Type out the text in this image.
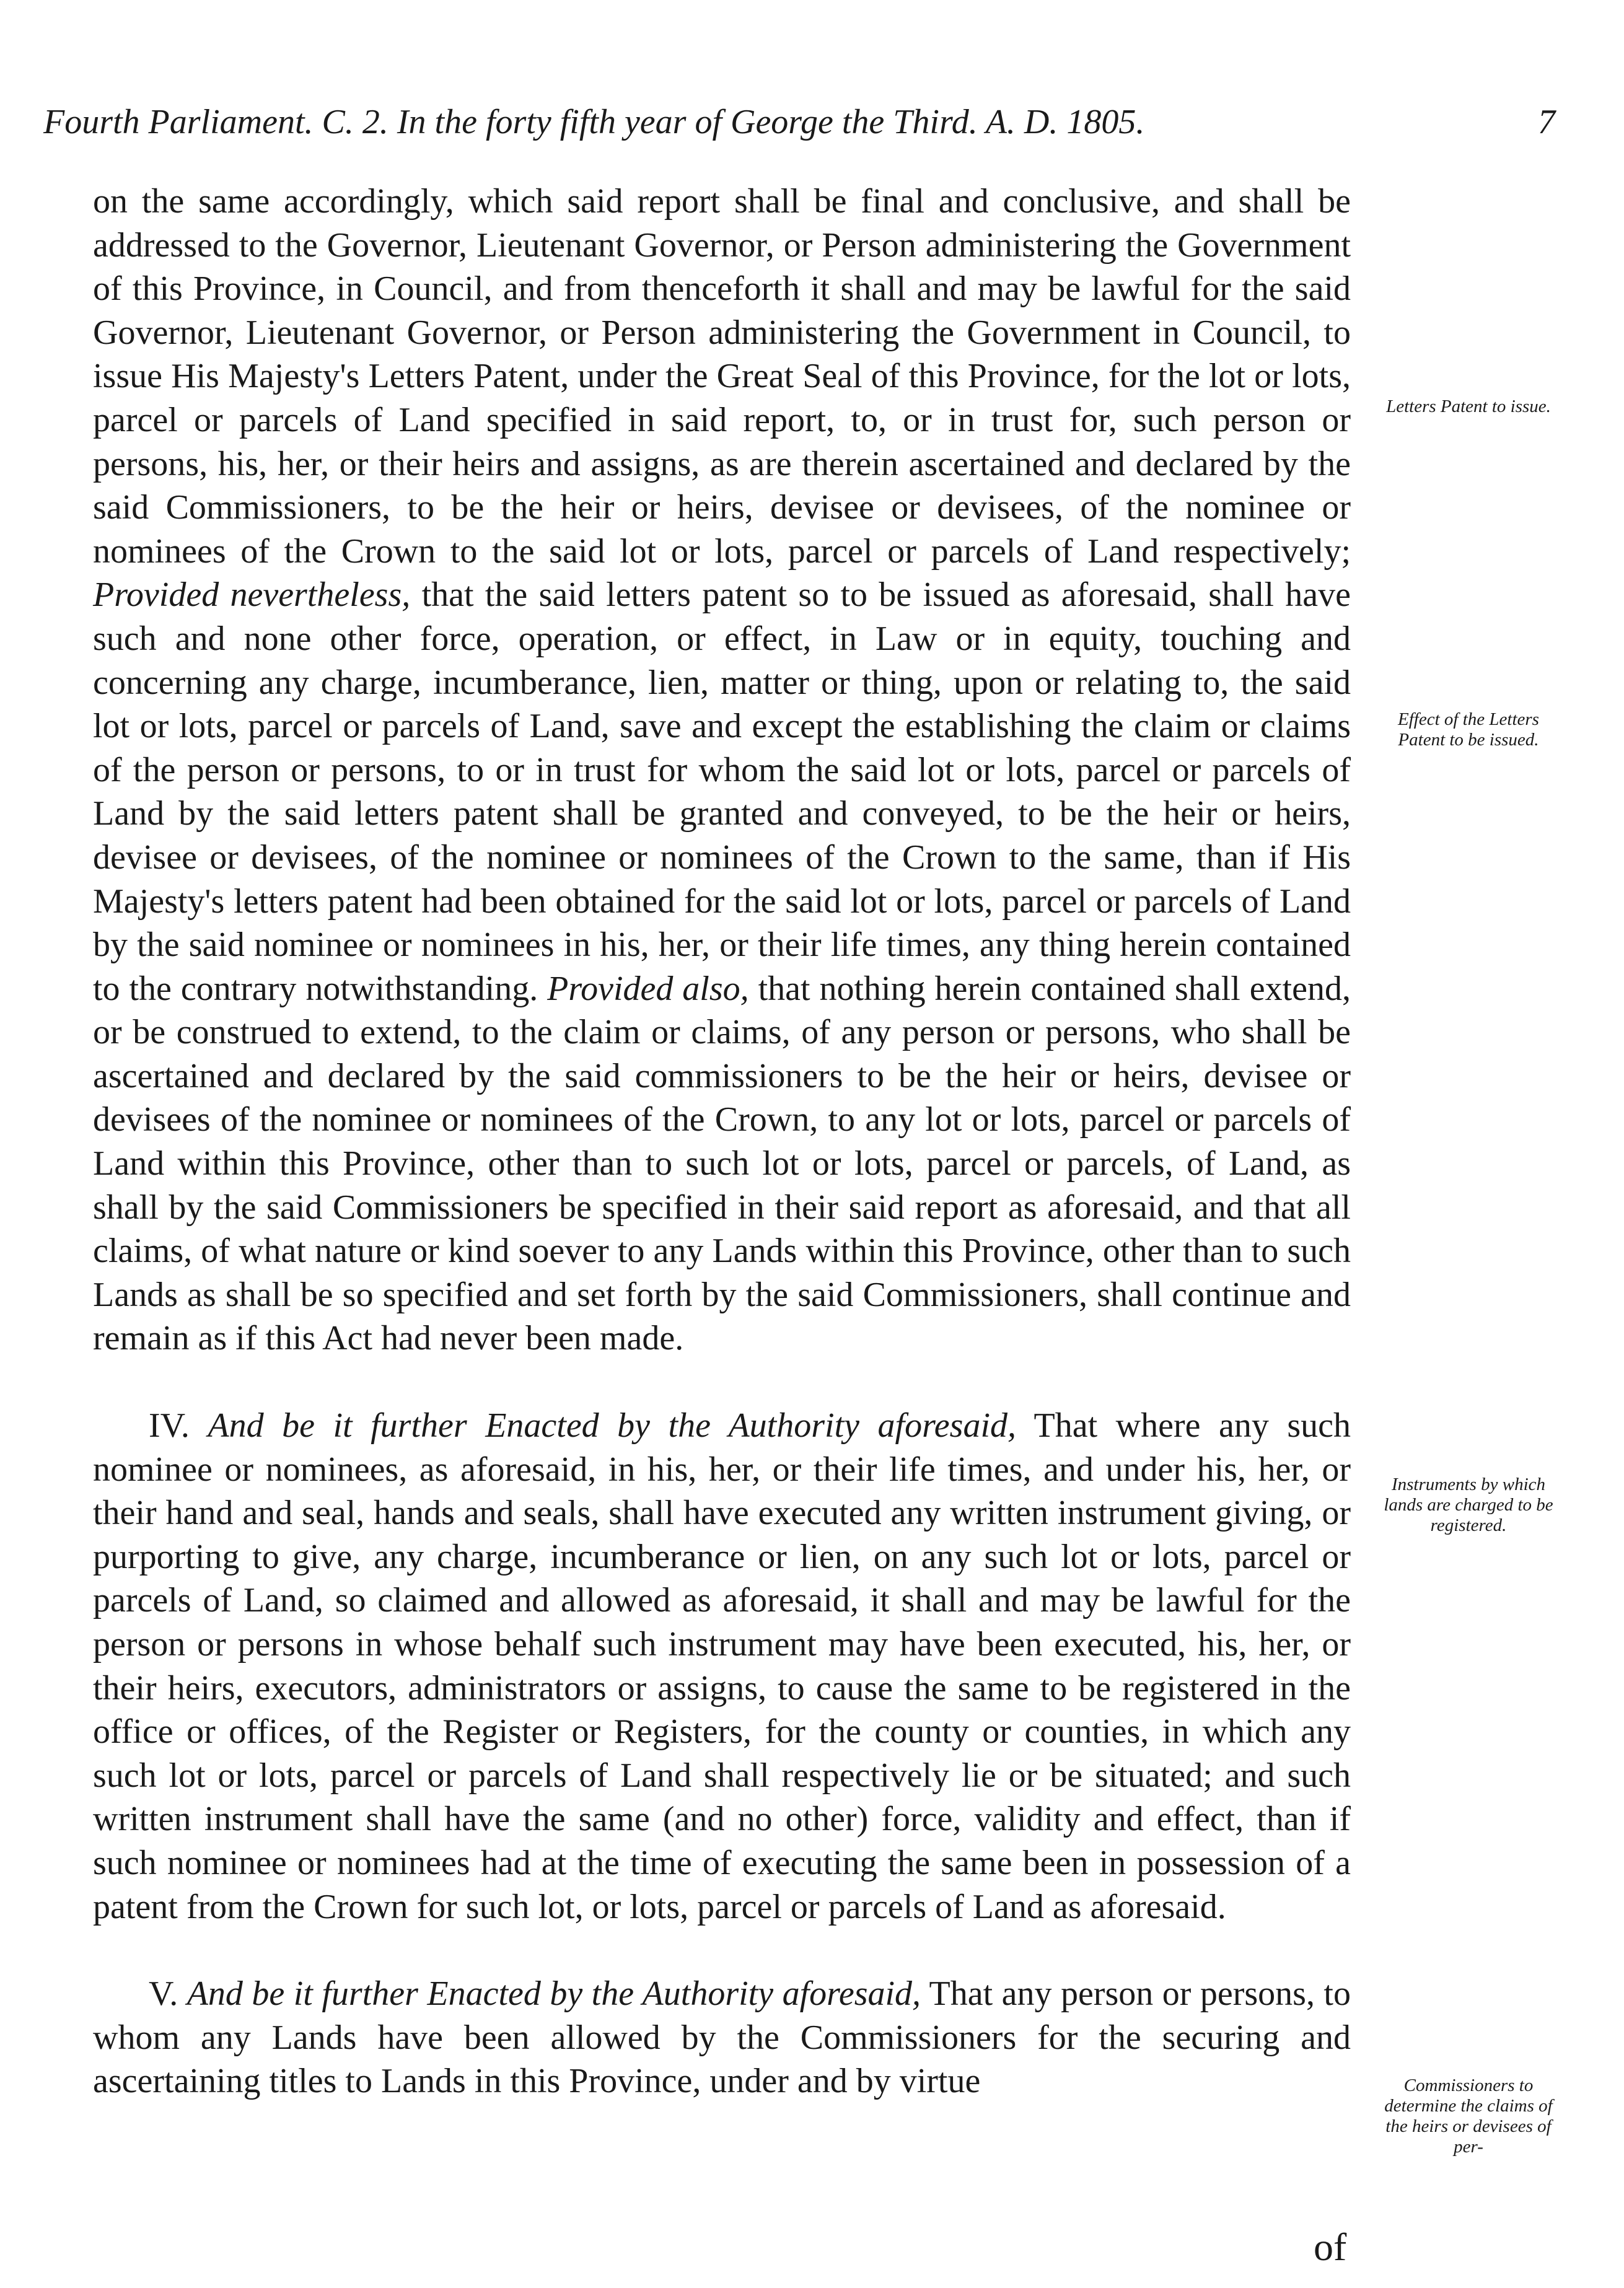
Fourth Parliament. C. 2. In the forty fifth year of George the Third. A. D. 1805.	7

on the same accordingly, which said report shall be final and conclusive, and shall be addressed to the Governor, Lieutenant Governor, or Person administering the Government of this Province, in Council, and from thenceforth it shall and may be lawful for the said Governor, Lieutenant Governor, or Person administering the Government in Council, to issue His Majesty's Letters Patent, under the Great Seal of this Province, for the lot or lots, parcel or parcels of Land specified in said report, to, or in trust for, such person or persons, his, her, or their heirs and assigns, as are therein ascertained and declared by the said Commissioners, to be the heir or heirs, devisee or devisees, of the nominee or nominees of the Crown to the said lot or lots, parcel or parcels of Land respectively; Provided nevertheless, that the said letters patent so to be issued as aforesaid, shall have such and none other force, operation, or effect, in Law or in equity, touching and concerning any charge, incumberance, lien, matter or thing, upon or relating to, the said lot or lots, parcel or parcels of Land, save and except the establishing the claim or claims of the person or persons, to or in trust for whom the said lot or lots, parcel or parcels of Land by the said letters patent shall be granted and conveyed, to be the heir or heirs, devisee or devisees, of the nominee or nominees of the Crown to the same, than if His Majesty's letters patent had been obtained for the said lot or lots, parcel or parcels of Land by the said nominee or nominees in his, her, or their life times, any thing herein contained to the contrary notwithstanding. Provided also, that nothing herein contained shall extend, or be construed to extend, to the claim or claims, of any person or persons, who shall be ascertained and declared by the said commissioners to be the heir or heirs, devisee or devisees of the nominee or nominees of the Crown, to any lot or lots, parcel or parcels of Land within this Province, other than to such lot or lots, parcel or parcels, of Land, as shall by the said Commissioners be specified in their said report as aforesaid, and that all claims, of what nature or kind soever to any Lands within this Province, other than to such Lands as shall be so specified and set forth by the said Commissioners, shall continue and remain as if this Act had never been made.

IV. And be it further Enacted by the Authority aforesaid, That where any such nominee or nominees, as aforesaid, in his, her, or their life times, and under his, her, or their hand and seal, hands and seals, shall have executed any written instrument giving, or purporting to give, any charge, incumberance or lien, on any such lot or lots, parcel or parcels of Land, so claimed and allowed as aforesaid, it shall and may be lawful for the person or persons in whose behalf such instrument may have been executed, his, her, or their heirs, executors, administrators or assigns, to cause the same to be registered in the office or offices, of the Register or Registers, for the county or counties, in which any such lot or lots, parcel or parcels of Land shall respectively lie or be situated; and such written instrument shall have the same (and no other) force, validity and effect, than if such nominee or nominees had at the time of executing the same been in possession of a patent from the Crown for such lot, or lots, parcel or parcels of Land as aforesaid.

V. And be it further Enacted by the Authority aforesaid, That any person or persons, to whom any Lands have been allowed by the Commissioners for the securing and ascertaining titles to Lands in this Province, under and by virtue

Letters Patent to issue.
Effect of the Letters Patent to be issued.
Instruments by which lands are charged to be registered.
Commissioners to determine the claims of the heirs or devisees of per-
of
